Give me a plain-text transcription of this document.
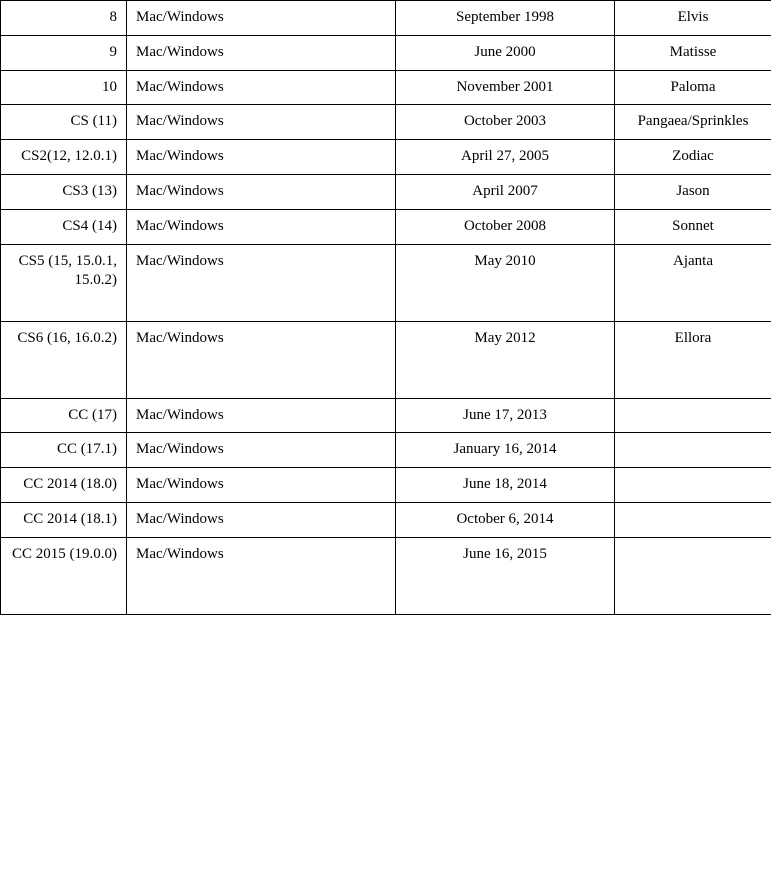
8	Mac/Windows	September 1998	Elvis
9	Mac/Windows	June 2000	Matisse
10	Mac/Windows	November 2001	Paloma
CS (11)	Mac/Windows	October 2003	Pangaea/Sprinkles
CS2(12, 12.0.1)	Mac/Windows	April 27, 2005	Zodiac
CS3 (13)	Mac/Windows	April 2007	Jason
CS4 (14)	Mac/Windows	October 2008	Sonnet
CS5 (15, 15.0.1, 15.0.2)	Mac/Windows	May 2010	Ajanta
CS6 (16, 16.0.2)	Mac/Windows	May 2012	Ellora
CC (17)	Mac/Windows	June 17, 2013	
CC (17.1)	Mac/Windows	January 16, 2014	
CC 2014 (18.0)	Mac/Windows	June 18, 2014	
CC 2014 (18.1)	Mac/Windows	October 6, 2014	
CC 2015 (19.0.0)	Mac/Windows	June 16, 2015	
